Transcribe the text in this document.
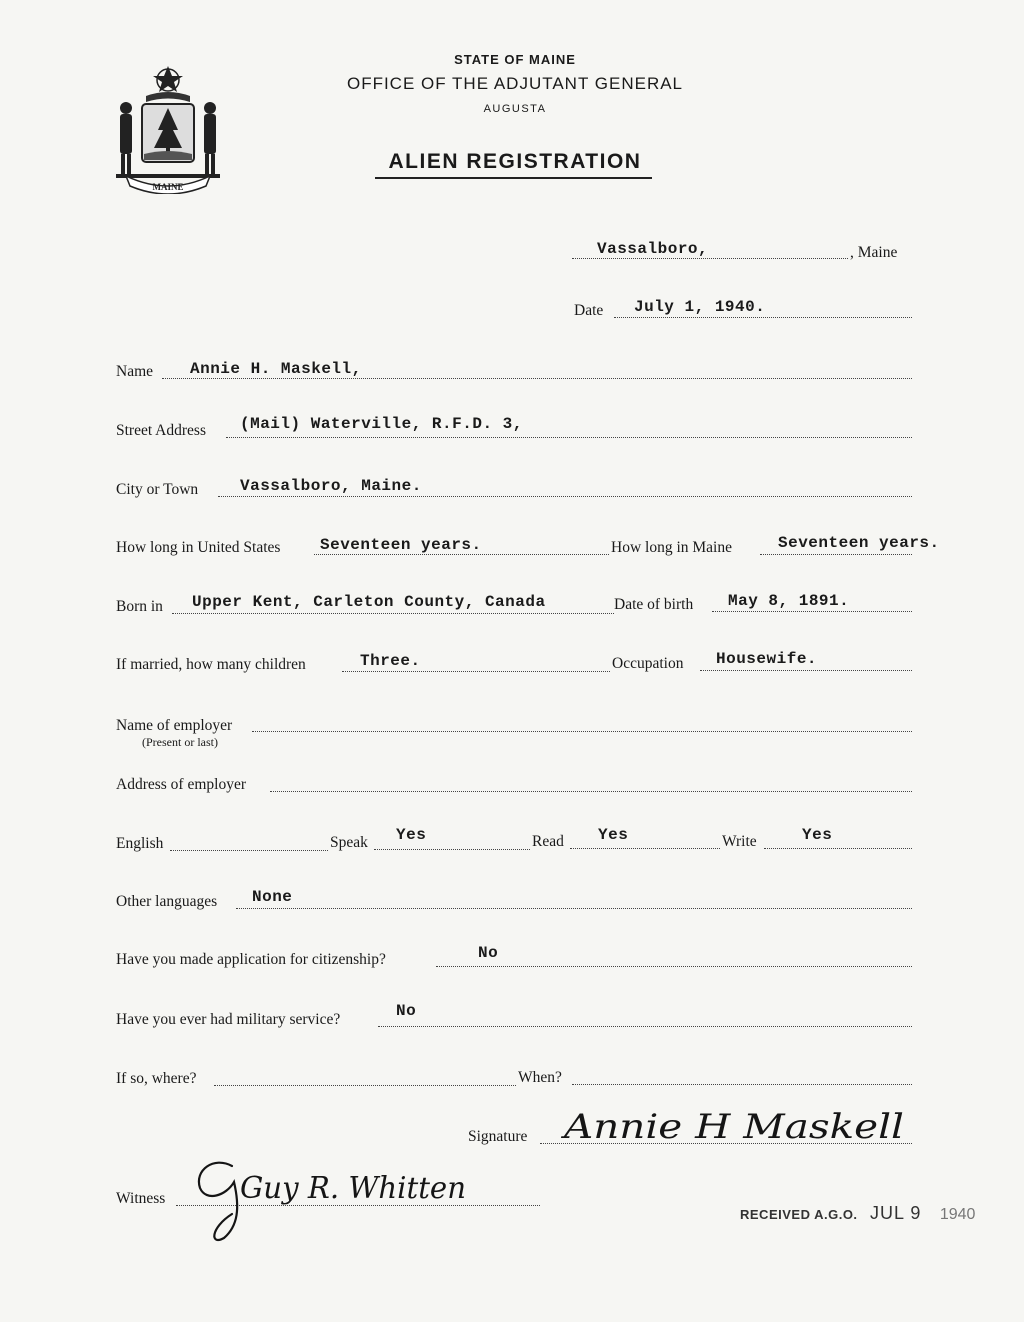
MAINE
STATE OF MAINE
OFFICE OF THE ADJUTANT GENERAL
AUGUSTA
ALIEN REGISTRATION
Vassalboro,	, Maine
Date July 1, 1940.
Name Annie H. Maskell,
Street Address (Mail) Waterville, R.F.D. 3,
City or Town	Vassalboro, Maine.
How long in United States Seventeen years.	How long in Maine	Seventeen years.
Born in Upper Kent, Carleton County, Canada	Date of birth May 8, 1891.
If married, how many children	Three.	Occupation Housewife.
Name of employer
(Present or last)
Address of employer
English	Speak Yes	Read Yes	Write	Yes
Other languages None
Have you made application for citizenship?	No
Have you ever had military service?	No
If so, where?	When?
Signature Annie H Maskell
Witness Guy R. Whitten
RECEIVED A.G.O. JUL 9 1940
